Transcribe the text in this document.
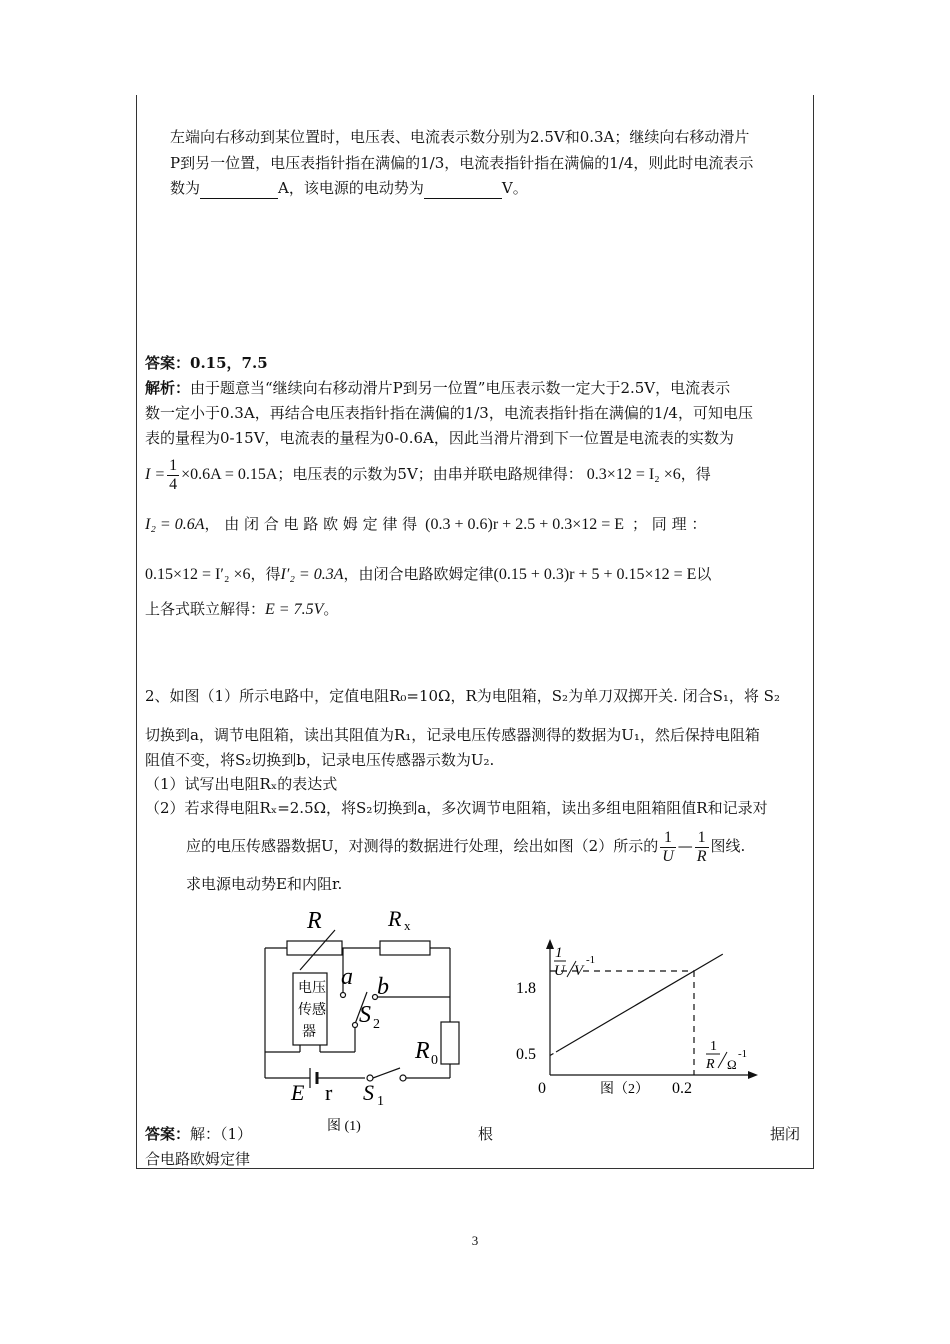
左端向右移动到某位置时，电压表、电流表示数分别为2.5V和0.3A；继续向右移动滑片
P到另一位置，电压表指针指在满偏的1/3，电流表指针指在满偏的1/4，则此时电流表示
数为	A，该电源的电动势为	V。
答案：0.15，7.5
解析：由于题意当“继续向右移动滑片P到另一位置”电压表示数一定大于2.5V，电流表示
数一定小于0.3A，再结合电压表指针指在满偏的1/3，电流表指针指在满偏的1/4，可知电压
表的量程为0-15V，电流表的量程为0-0.6A，因此当滑片滑到下一位置是电流表的实数为
$I = \frac{1}{4} \times 0.6A = 0.15A$；电压表的示数为5V；由串并联电路规律得： 0.3×12 = I₂ ×6，得
I₂ = 0.6A， 由 闭 合 电 路 欧 姆 定 律 得 (0.3 + 0.6)r + 2.5 + 0.3×12 = E ； 同 理 ：
0.15×12 = I′₂ ×6，得I′₂ = 0.3A，由闭合电路欧姆定律(0.15 + 0.3)r + 5 + 0.15×12 = E以
上各式联立解得：E = 7.5V。
2、如图（1）所示电路中，定值电阻R₀=10Ω，R为电阻箱，S₂为单刀双掷开关. 闭合S₁，将 S₂
切换到a，调节电阻箱，读出其阻值为R₁，记录电压传感器测得的数据为U₁，然后保持电阻箱
阻值不变，将S₂切换到b，记录电压传感器示数为U₂.
（1）试写出电阻Rₓ的表达式
（2）若求得电阻Rₓ=2.5Ω，将S₂切换到a，多次调节电阻箱，读出多组电阻箱阻值R和记录对
应的电压传感器数据U，对测得的数据进行处理，绘出如图（2）所示的 $\frac{1}{U}$ — $\frac{1}{R}$ 图线.
求电源电动势E和内阻r.
R	R x
电压
传感
器
a b
S 2
R 0
E r S 1
图 (1)
1
U V
-1
1
R Ω
-1
1.8
0.5
0	0.2
图（2）
答案：解：（1）	根	据闭
合电路欧姆定律
3
